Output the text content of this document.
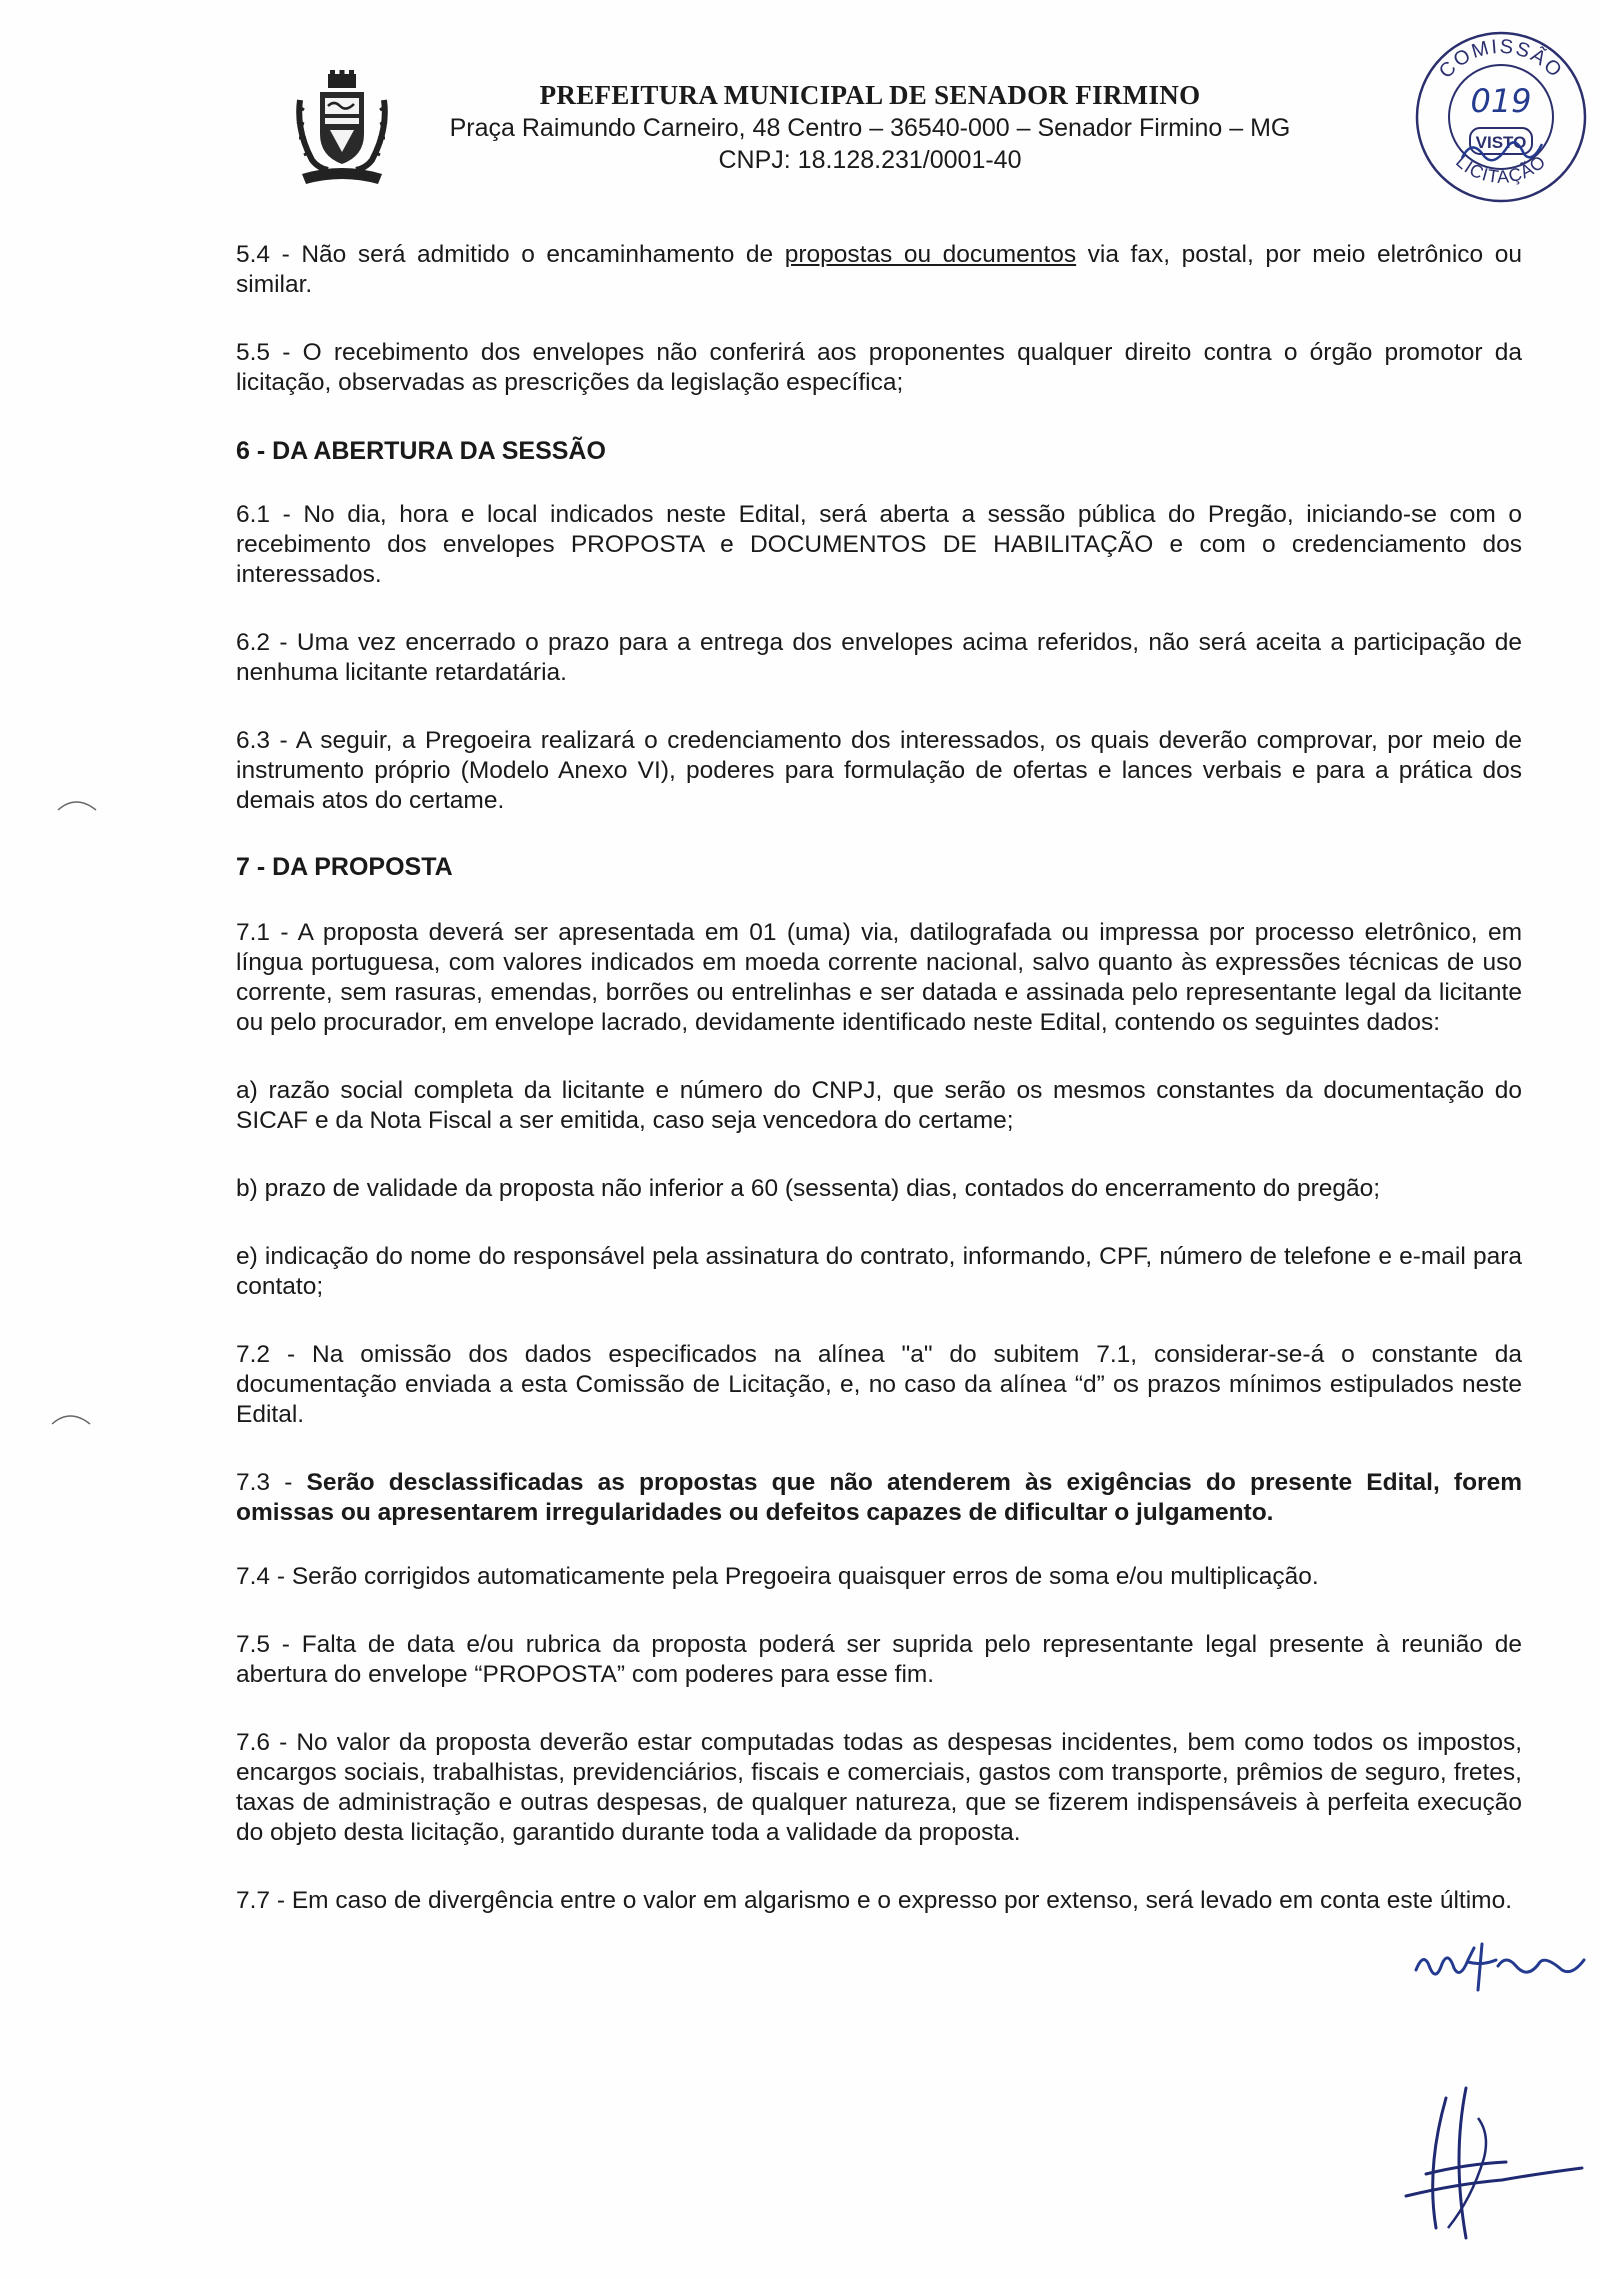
PREFEITURA MUNICIPAL DE SENADOR FIRMINO
Praça Raimundo Carneiro, 48 Centro – 36540-000 – Senador Firmino – MG
CNPJ: 18.128.231/0001-40
COMISSÃO
LICITAÇÃO
019
VISTO

5.4 - Não será admitido o encaminhamento de propostas ou documentos via fax, postal, por meio eletrônico ou similar.

5.5 - O recebimento dos envelopes não conferirá aos proponentes qualquer direito contra o órgão promotor da licitação, observadas as prescrições da legislação específica;

6 - DA ABERTURA DA SESSÃO

6.1 - No dia, hora e local indicados neste Edital, será aberta a sessão pública do Pregão, iniciando-se com o recebimento dos envelopes PROPOSTA e DOCUMENTOS DE HABILITAÇÃO e com o credenciamento dos interessados.

6.2 - Uma vez encerrado o prazo para a entrega dos envelopes acima referidos, não será aceita a participação de nenhuma licitante retardatária.

6.3 - A seguir, a Pregoeira realizará o credenciamento dos interessados, os quais deverão comprovar, por meio de instrumento próprio (Modelo Anexo VI), poderes para formulação de ofertas e lances verbais e para a prática dos demais atos do certame.

7 - DA PROPOSTA

7.1 - A proposta deverá ser apresentada em 01 (uma) via, datilografada ou impressa por processo eletrônico, em língua portuguesa, com valores indicados em moeda corrente nacional, salvo quanto às expressões técnicas de uso corrente, sem rasuras, emendas, borrões ou entrelinhas e ser datada e assinada pelo representante legal da licitante ou pelo procurador, em envelope lacrado, devidamente identificado neste Edital, contendo os seguintes dados:

a) razão social completa da licitante e número do CNPJ, que serão os mesmos constantes da documentação do SICAF e da Nota Fiscal a ser emitida, caso seja vencedora do certame;

b) prazo de validade da proposta não inferior a 60 (sessenta) dias, contados do encerramento do pregão;

e) indicação do nome do responsável pela assinatura do contrato, informando, CPF, número de telefone e e-mail para contato;

7.2 - Na omissão dos dados especificados na alínea "a" do subitem 7.1, considerar-se-á o constante da documentação enviada a esta Comissão de Licitação, e, no caso da alínea “d” os prazos mínimos estipulados neste Edital.

7.3 - Serão desclassificadas as propostas que não atenderem às exigências do presente Edital, forem omissas ou apresentarem irregularidades ou defeitos capazes de dificultar o julgamento.

7.4 - Serão corrigidos automaticamente pela Pregoeira quaisquer erros de soma e/ou multiplicação.

7.5 - Falta de data e/ou rubrica da proposta poderá ser suprida pelo representante legal presente à reunião de abertura do envelope “PROPOSTA” com poderes para esse fim.

7.6 - No valor da proposta deverão estar computadas todas as despesas incidentes, bem como todos os impostos, encargos sociais, trabalhistas, previdenciários, fiscais e comerciais, gastos com transporte, prêmios de seguro, fretes, taxas de administração e outras despesas, de qualquer natureza, que se fizerem indispensáveis à perfeita execução do objeto desta licitação, garantido durante toda a validade da proposta.

7.7 - Em caso de divergência entre o valor em algarismo e o expresso por extenso, será levado em conta este último.
